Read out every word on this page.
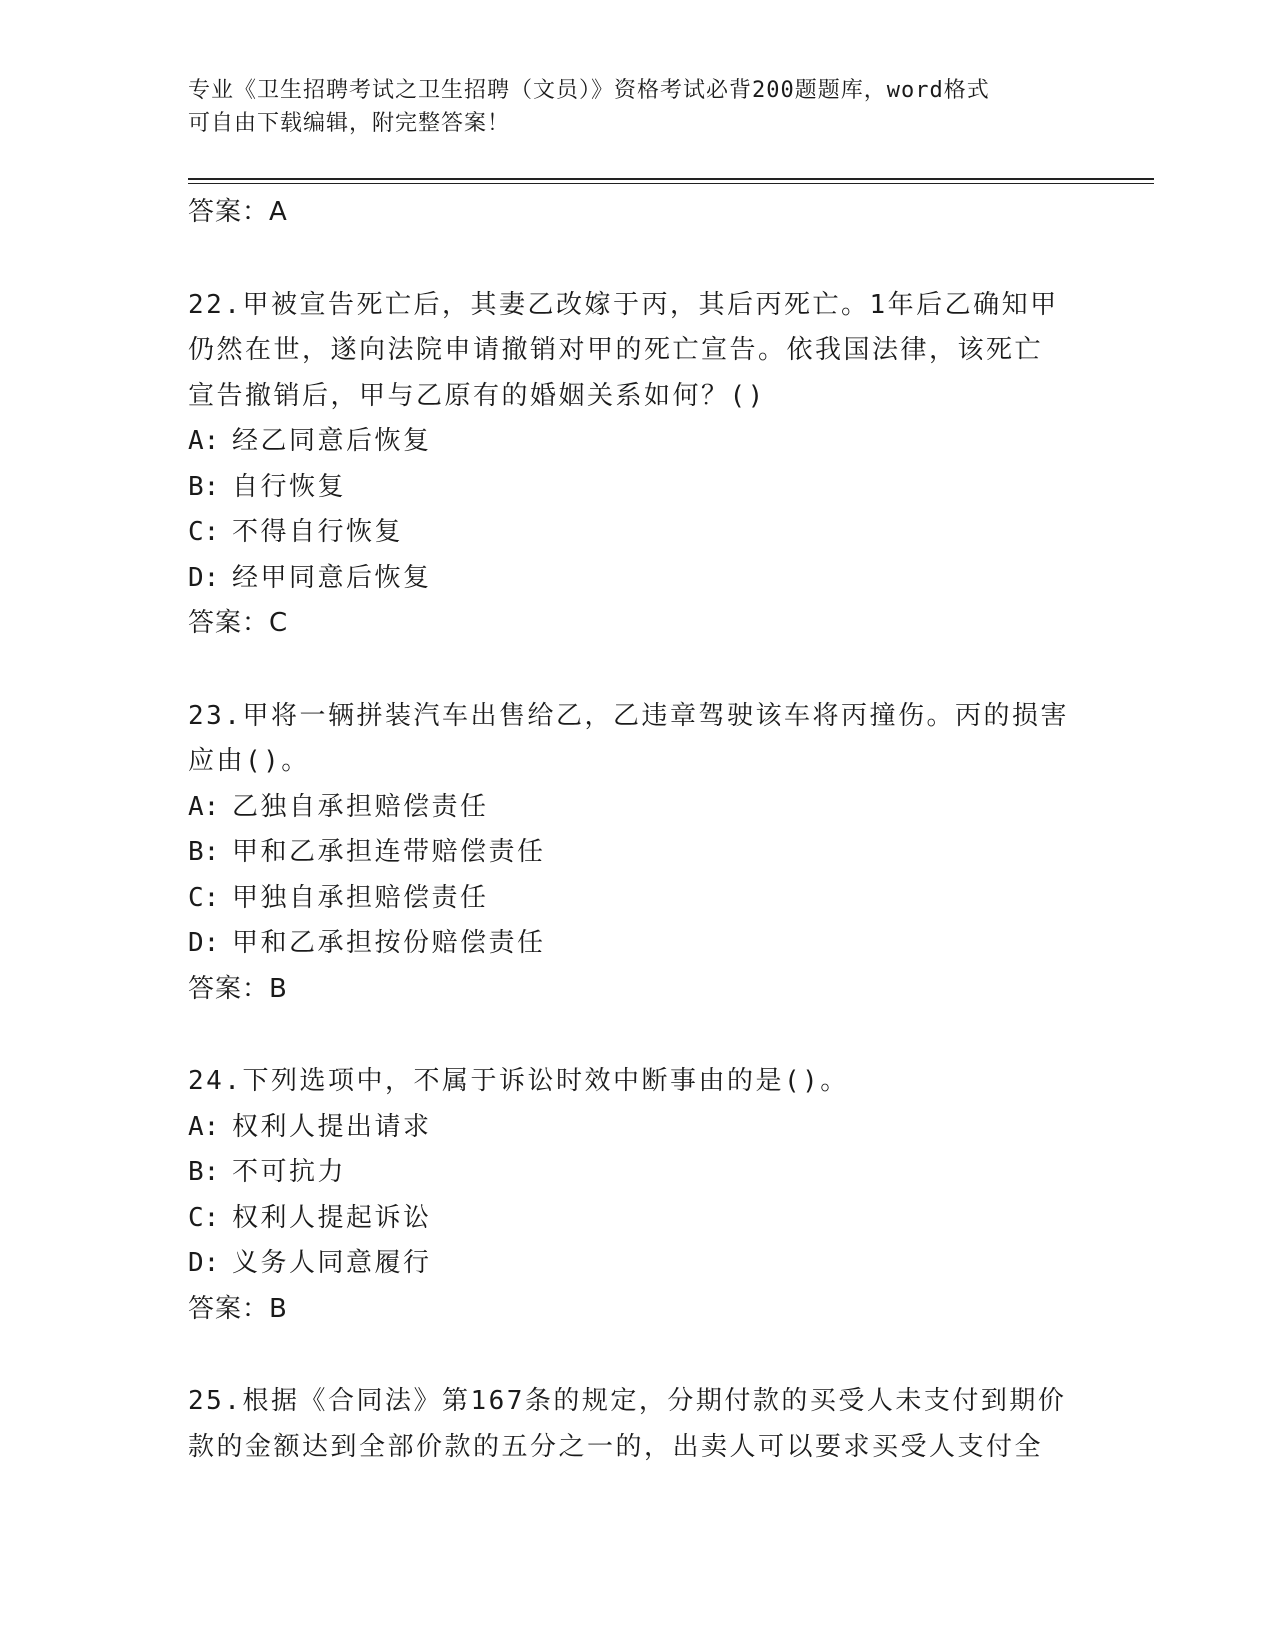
专业《卫生招聘考试之卫生招聘（文员）》资格考试必背200题题库，word格式
可自由下载编辑，附完整答案！
答案：A
22.甲被宣告死亡后，其妻乙改嫁于丙，其后丙死亡。1年后乙确知甲
仍然在世，遂向法院申请撤销对甲的死亡宣告。依我国法律，该死亡
宣告撤销后，甲与乙原有的婚姻关系如何？()
A: 经乙同意后恢复
B: 自行恢复
C: 不得自行恢复
D: 经甲同意后恢复
答案：C
23.甲将一辆拼装汽车出售给乙，乙违章驾驶该车将丙撞伤。丙的损害
应由()。
A: 乙独自承担赔偿责任
B: 甲和乙承担连带赔偿责任
C: 甲独自承担赔偿责任
D: 甲和乙承担按份赔偿责任
答案：B
24.下列选项中，不属于诉讼时效中断事由的是()。
A: 权利人提出请求
B: 不可抗力
C: 权利人提起诉讼
D: 义务人同意履行
答案：B
25.根据《合同法》第167条的规定，分期付款的买受人未支付到期价
款的金额达到全部价款的五分之一的，出卖人可以要求买受人支付全
